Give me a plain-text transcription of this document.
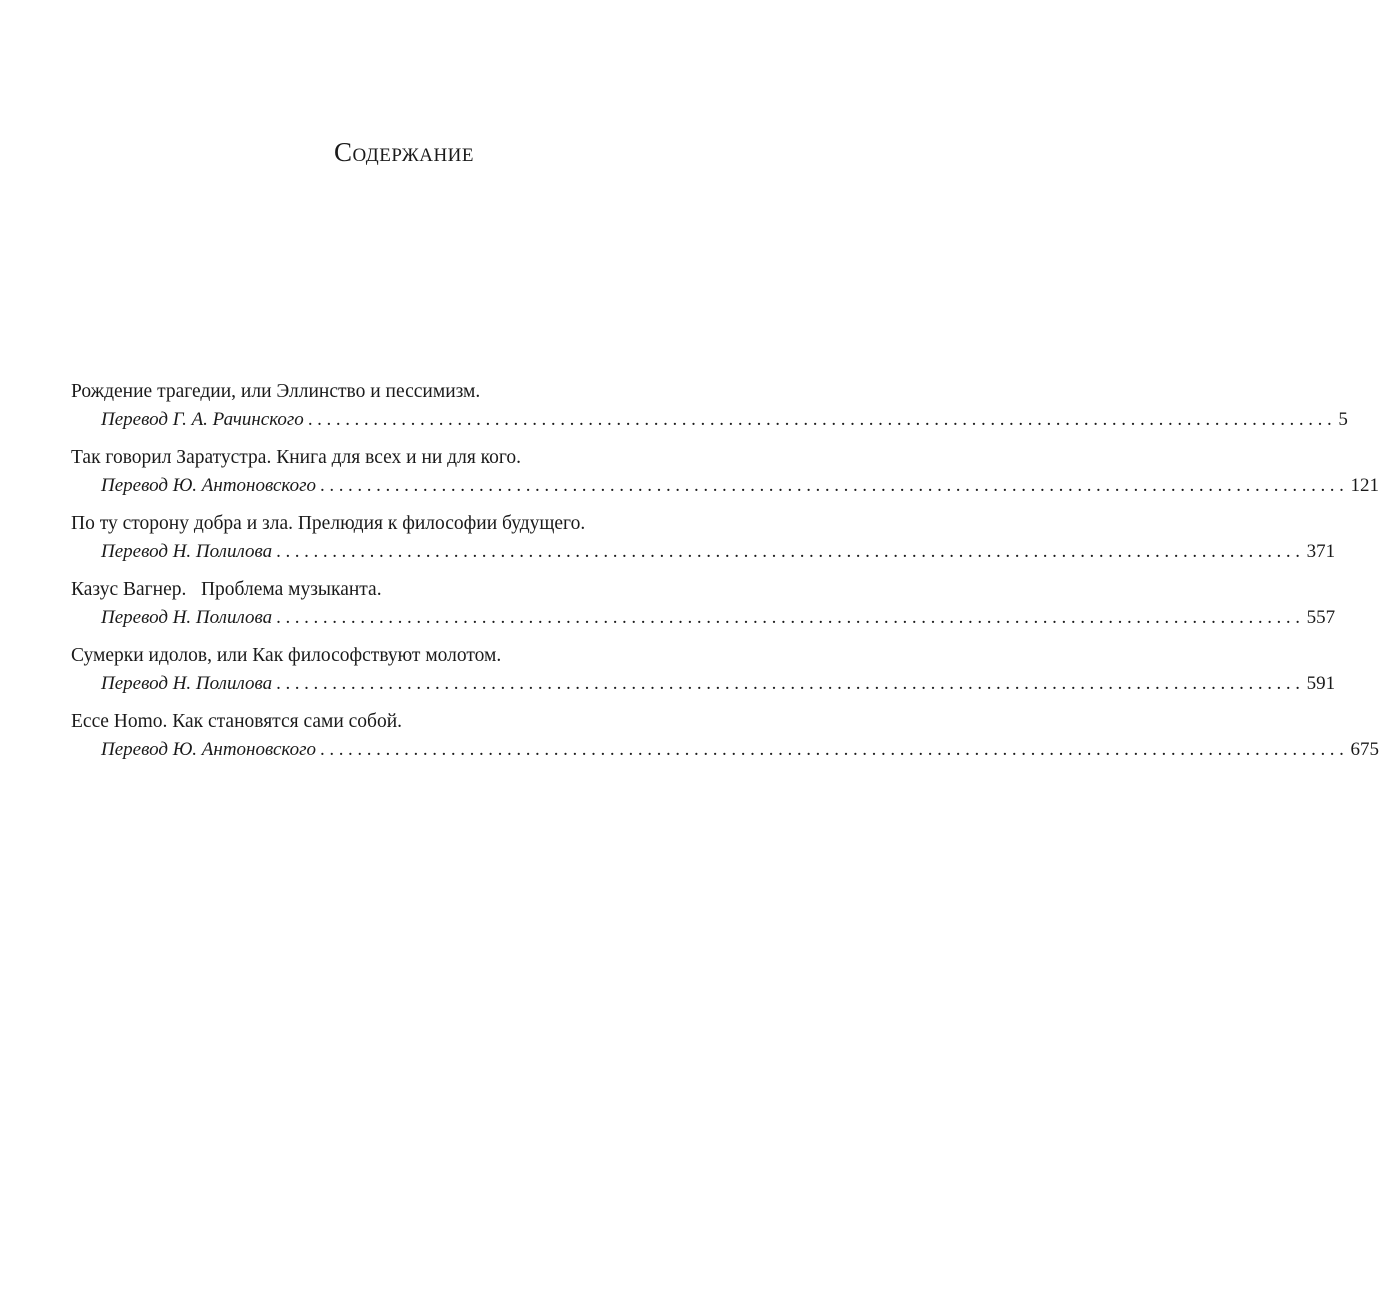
Содержание
Рождение трагедии, или Эллинство и пессимизм.
Перевод Г. А. Рачинского .............................................................................................................. 5
Так говорил Заратустра. Книга для всех и ни для кого.
Перевод Ю. Антоновского .............................................................................................................. 121
По ту сторону добра и зла. Прелюдия к философии будущего.
Перевод Н. Полилова .............................................................................................................. 371
Казус Вагнер.   Проблема музыканта.
Перевод Н. Полилова .............................................................................................................. 557
Сумерки идолов, или Как философствуют молотом.
Перевод Н. Полилова .............................................................................................................. 591
Ecce Homo. Как становятся сами собой.
Перевод Ю. Антоновского .............................................................................................................. 675
